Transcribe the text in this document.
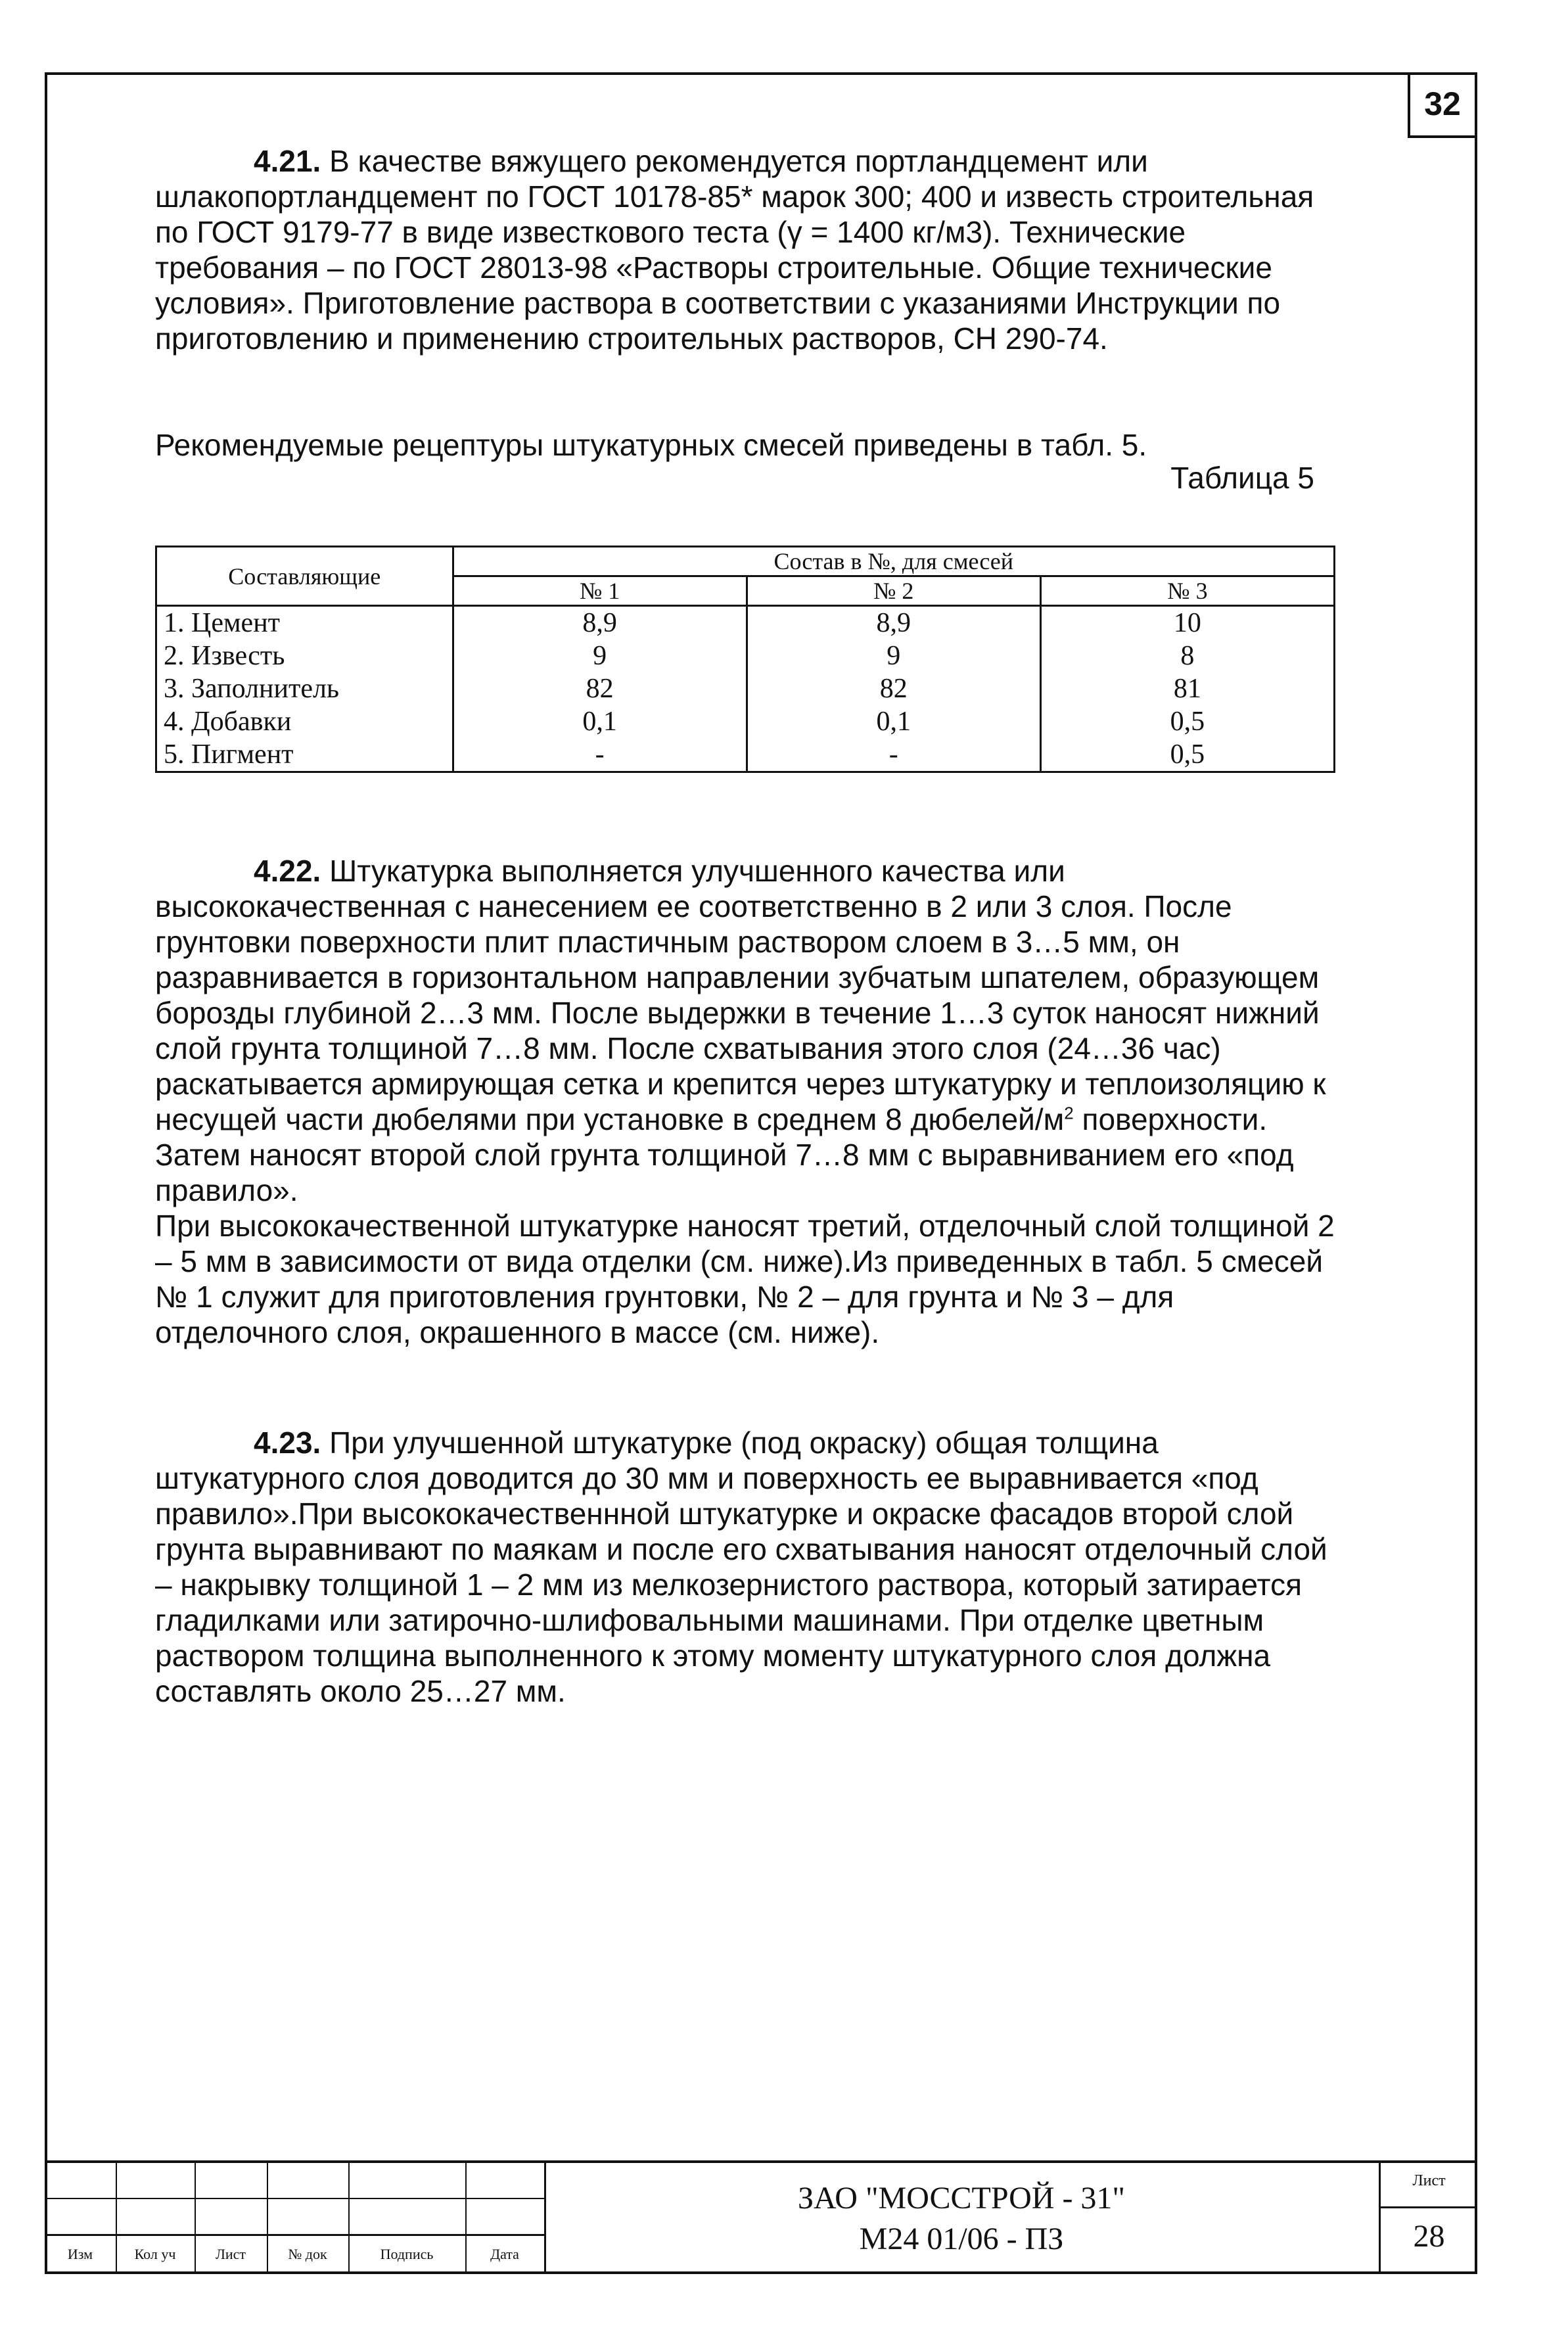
32

4.21. В качестве вяжущего рекомендуется портландцемент или шлакопортландцемент по ГОСТ 10178-85* марок 300; 400 и известь строительная по ГОСТ 9179-77 в виде известкового теста (γ = 1400 кг/м3). Технические требования – по ГОСТ 28013-98 «Растворы строительные. Общие технические условия». Приготовление раствора в соответствии с указаниями Инструкции по приготовлению и применению строительных растворов, СН 290-74.

Рекомендуемые рецептуры штукатурных смесей приведены в табл. 5.

Таблица 5
Составляющие	Состав в №, для смесей		
	№ 1	№ 2	№ 3
1. Цемент	8,9	8,9	10
2. Известь	9	9	8
3. Заполнитель	82	82	81
4. Добавки	0,1	0,1	0,5
5. Пигмент	-	-	0,5

4.22. Штукатурка выполняется улучшенного качества или высококачественная с нанесением ее соответственно в 2 или 3 слоя. После грунтовки поверхности плит пластичным раствором слоем в 3…5 мм, он разравнивается в горизонтальном направлении зубчатым шпателем, образующем борозды глубиной 2…3 мм. После выдержки в течение 1…3 суток наносят нижний слой грунта толщиной 7…8 мм. После схватывания этого слоя (24…36 час) раскатывается армирующая сетка и крепится через штукатурку и теплоизоляцию к несущей части дюбелями при установке в среднем 8 дюбелей/$м^2$ поверхности. Затем наносят второй слой грунта толщиной 7…8 мм с выравниванием его «под правило».
При высококачественной штукатурке наносят третий, отделочный слой толщиной 2 – 5 мм в зависимости от вида отделки (см. ниже).Из приведенных в табл. 5 смесей № 1 служит для приготовления грунтовки, № 2 – для грунта и № 3 – для отделочного слоя, окрашенного в массе (см. ниже).

4.23. При улучшенной штукатурке (под окраску) общая толщина штукатурного слоя доводится до 30 мм и поверхность ее выравнивается «под правило».При высококачественнной штукатурке и окраске фасадов второй слой грунта выравнивают по маякам и после его схватывания наносят отделочный слой – накрывку толщиной 1 – 2 мм из мелкозернистого раствора, который затирается гладилками или затирочно-шлифовальными машинами. При отделке цветным раствором толщина выполненного к этому моменту штукатурного слоя должна составлять около 25…27 мм.

Изм	Кол уч	Лист	№ док	Подпись	Дата
ЗАО "МОССТРОЙ - 31"
М24 01/06 - ПЗ
Лист
28
